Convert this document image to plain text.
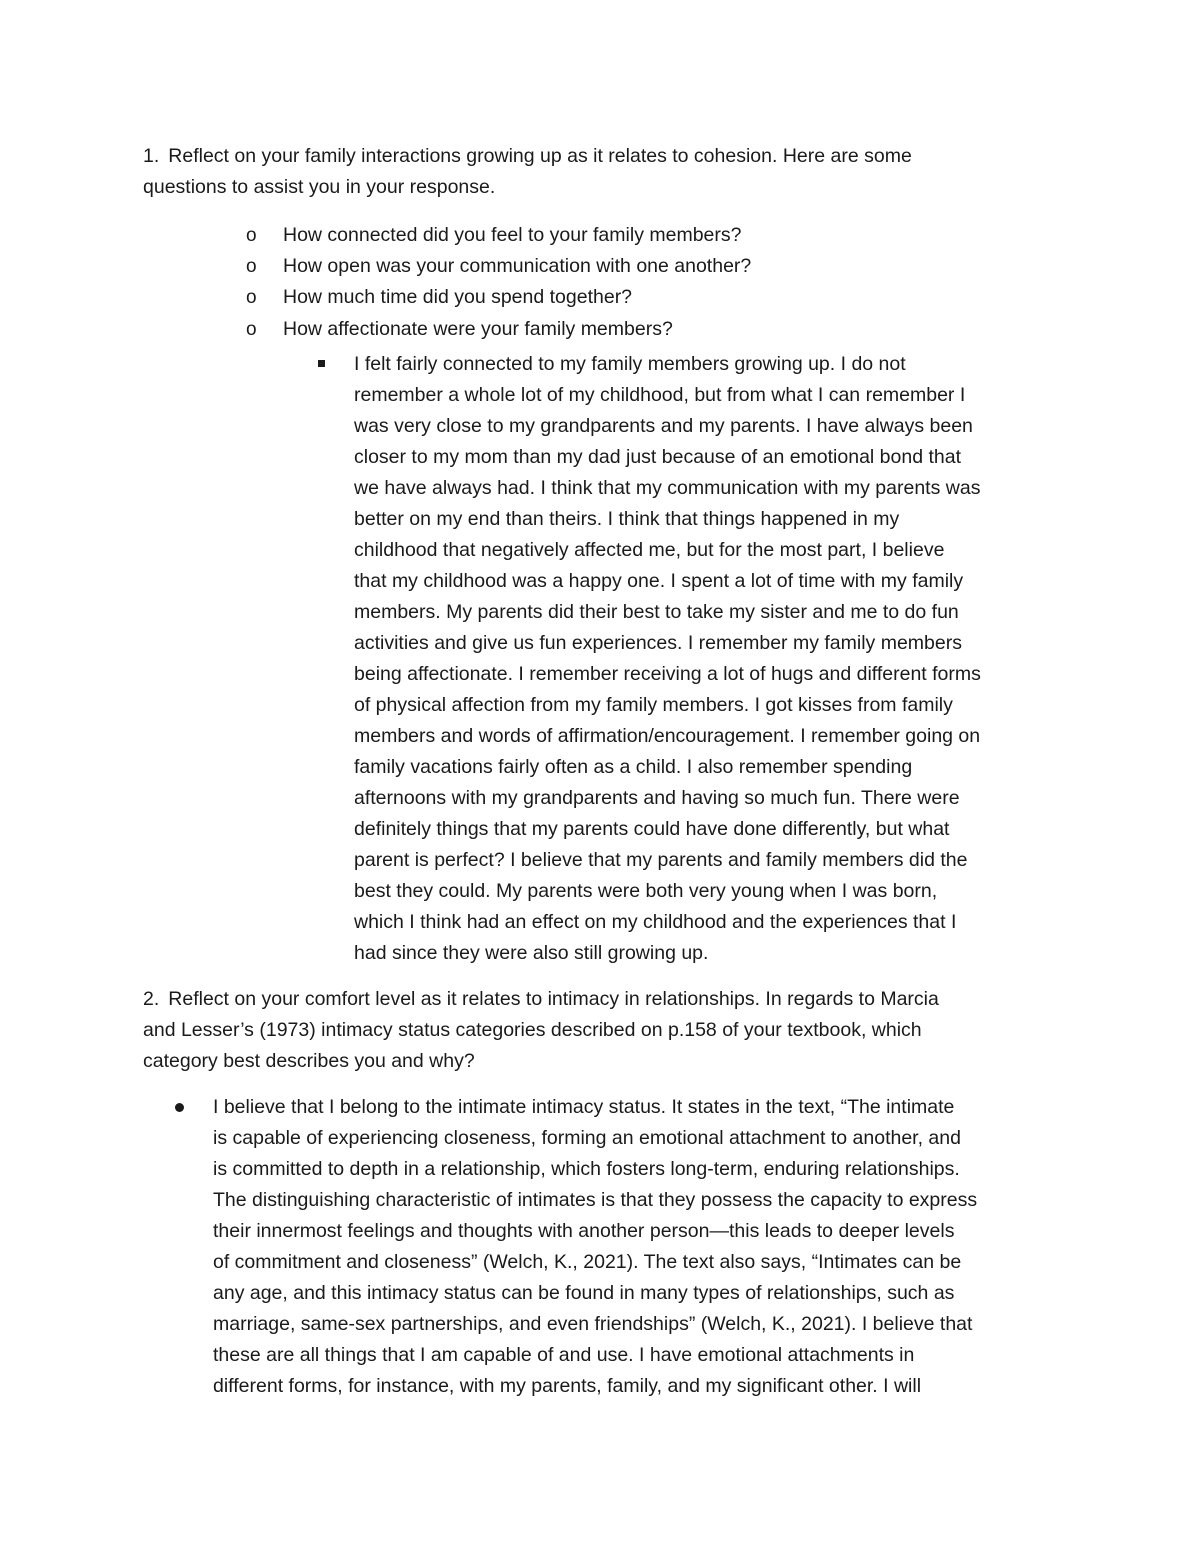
1. Reflect on your family interactions growing up as it relates to cohesion. Here are some
questions to assist you in your response.
o	How connected did you feel to your family members?
o	How open was your communication with one another?
o	How much time did you spend together?
o	How affectionate were your family members?
I felt fairly connected to my family members growing up. I do not
remember a whole lot of my childhood, but from what I can remember I
was very close to my grandparents and my parents. I have always been
closer to my mom than my dad just because of an emotional bond that
we have always had. I think that my communication with my parents was
better on my end than theirs. I think that things happened in my
childhood that negatively affected me, but for the most part, I believe
that my childhood was a happy one. I spent a lot of time with my family
members. My parents did their best to take my sister and me to do fun
activities and give us fun experiences. I remember my family members
being affectionate. I remember receiving a lot of hugs and different forms
of physical affection from my family members. I got kisses from family
members and words of affirmation/encouragement. I remember going on
family vacations fairly often as a child. I also remember spending
afternoons with my grandparents and having so much fun. There were
definitely things that my parents could have done differently, but what
parent is perfect? I believe that my parents and family members did the
best they could. My parents were both very young when I was born,
which I think had an effect on my childhood and the experiences that I
had since they were also still growing up.
2. Reflect on your comfort level as it relates to intimacy in relationships. In regards to Marcia
and Lesser’s (1973) intimacy status categories described on p.158 of your textbook, which
category best describes you and why?
I believe that I belong to the intimate intimacy status. It states in the text, “The intimate
is capable of experiencing closeness, forming an emotional attachment to another, and
is committed to depth in a relationship, which fosters long-term, enduring relationships.
The distinguishing characteristic of intimates is that they possess the capacity to express
their innermost feelings and thoughts with another person—this leads to deeper levels
of commitment and closeness” (Welch, K., 2021). The text also says, “Intimates can be
any age, and this intimacy status can be found in many types of relationships, such as
marriage, same-sex partnerships, and even friendships” (Welch, K., 2021). I believe that
these are all things that I am capable of and use. I have emotional attachments in
different forms, for instance, with my parents, family, and my significant other. I will
